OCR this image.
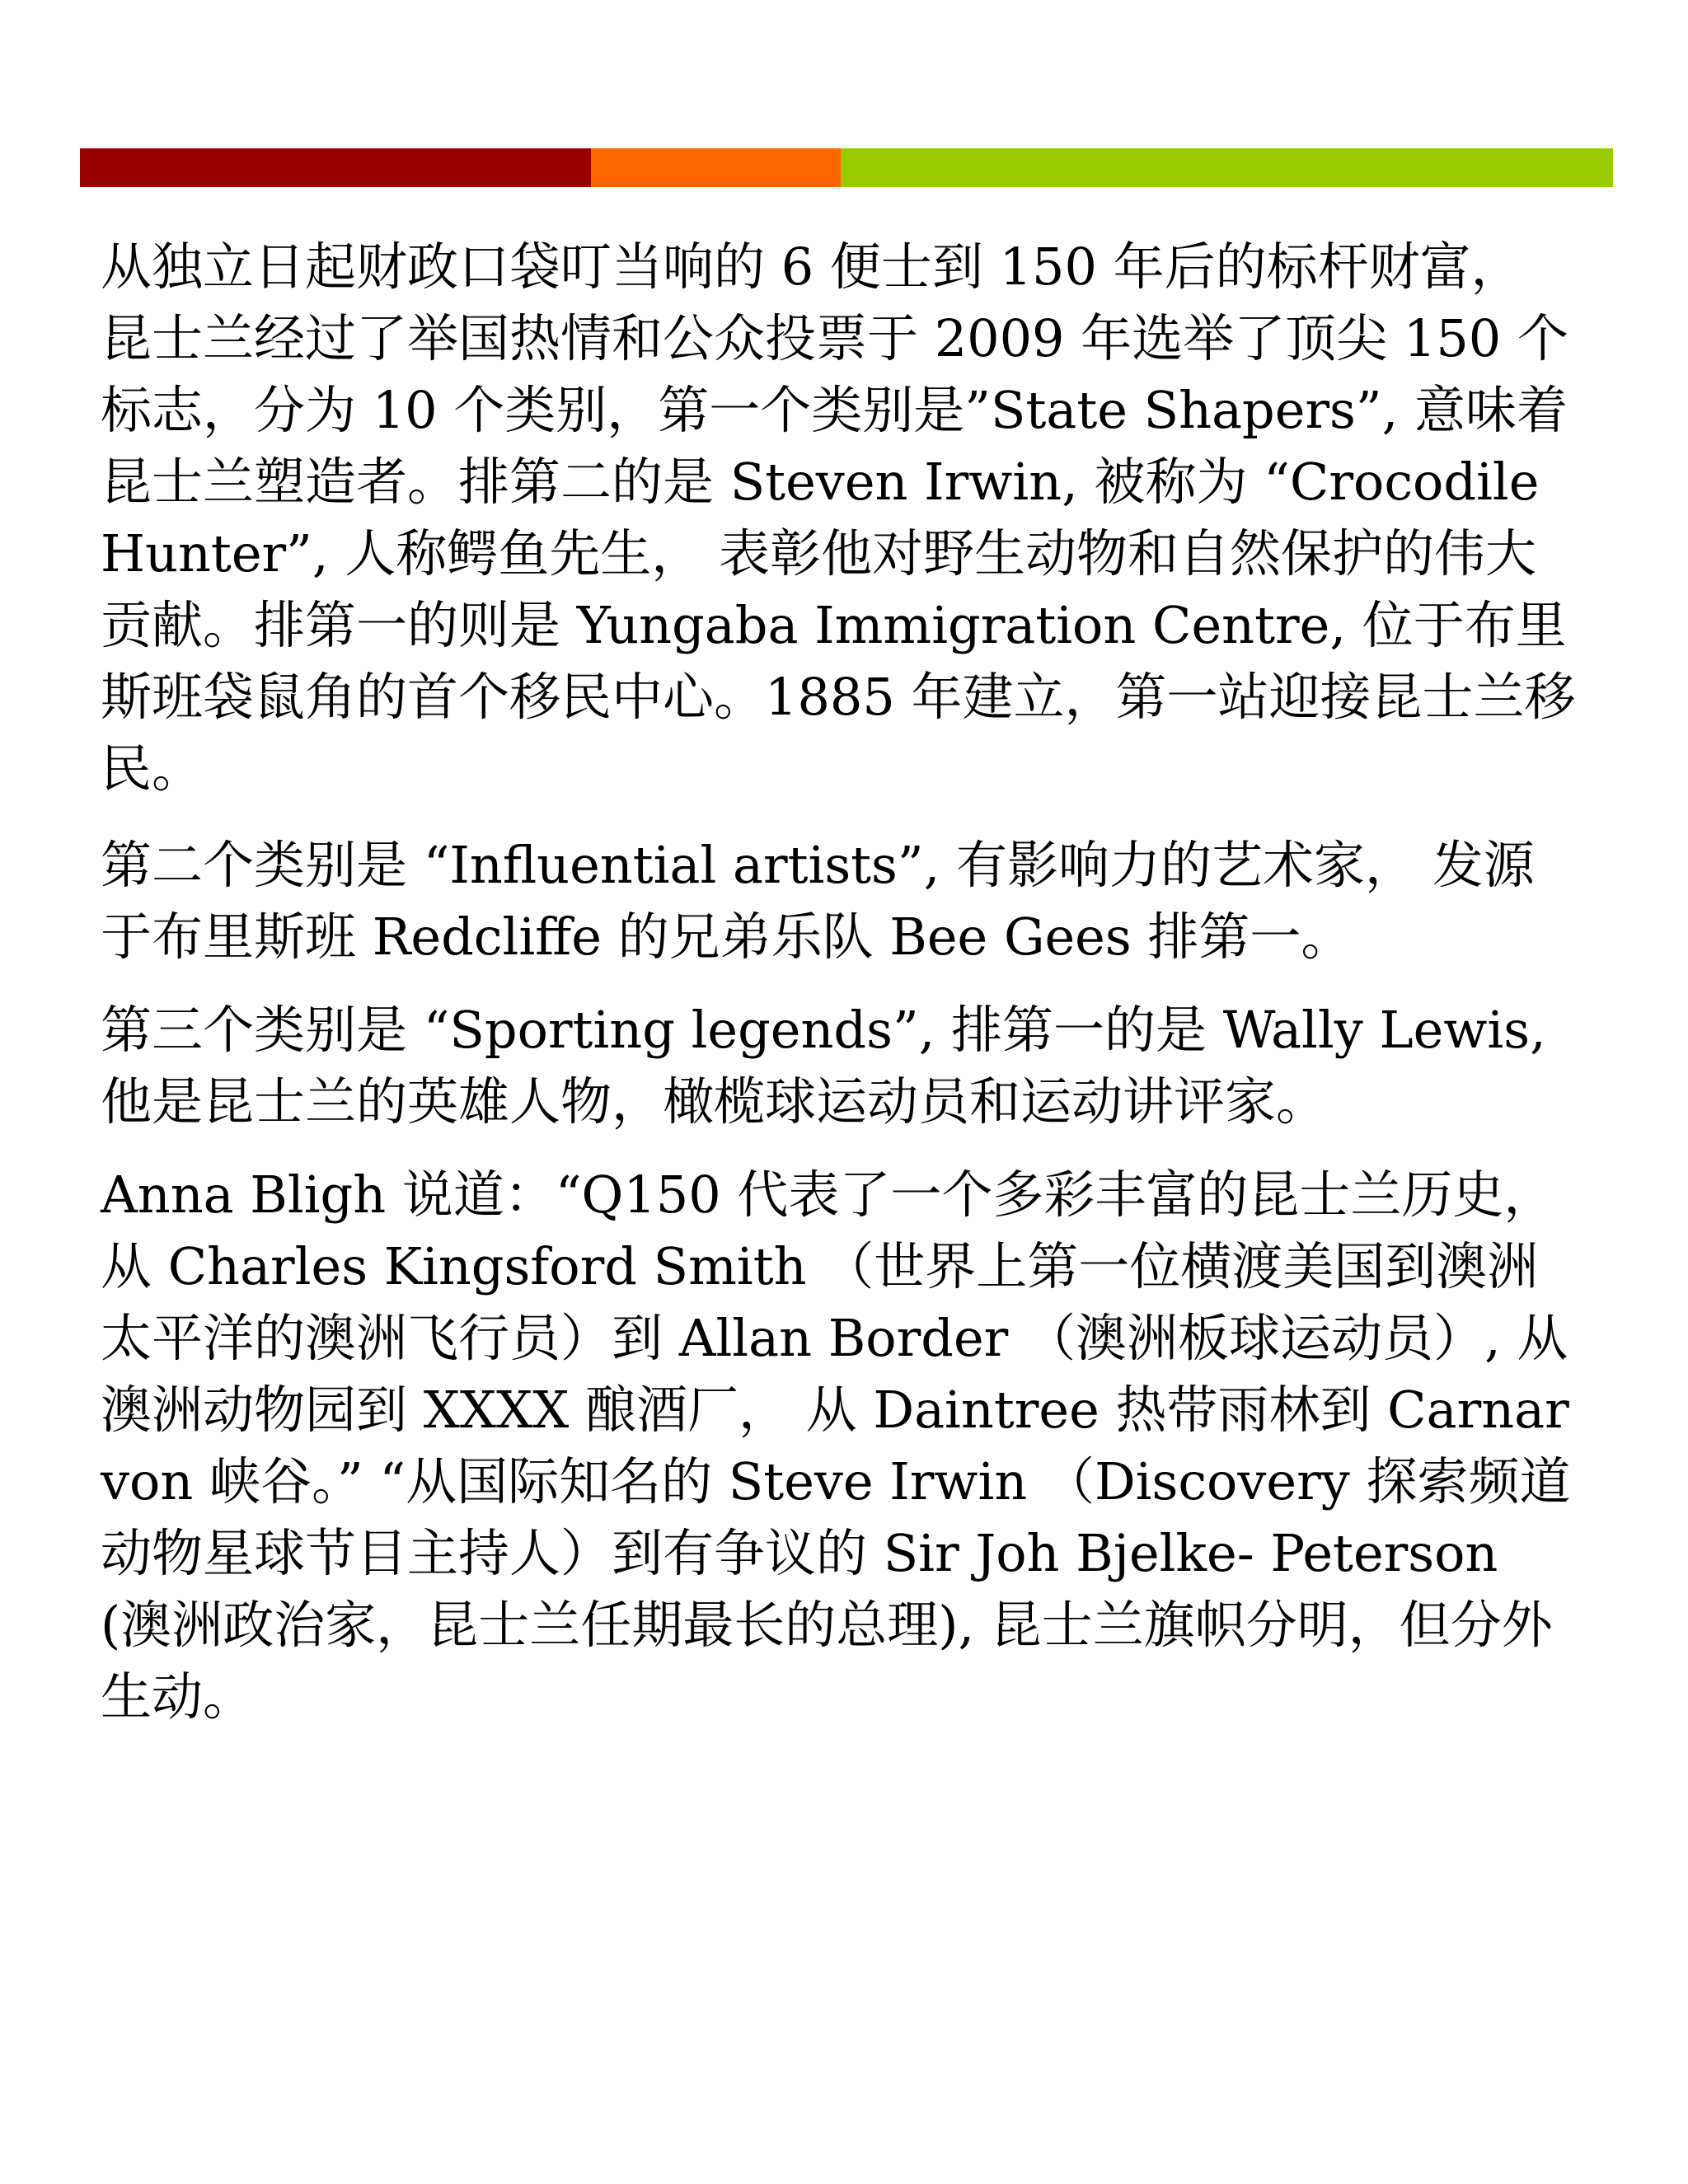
从独立日起财政口袋叮当响的 6 便士到 150 年后的标杆财富， 昆士兰经过了举国热情和公众投票于 2009 年选举了顶尖 150 个标志，分为 10 个类别，第一个类别是”State Shapers”, 意味着昆士兰塑造者。排第二的是 Steven Irwin, 被称为 “Crocodile Hunter”, 人称鳄鱼先生， 表彰他对野生动物和自然保护的伟大贡献。排第一的则是 Yungaba Immigration Centre, 位于布里斯班袋鼠角的首个移民中心。1885 年建立，第一站迎接昆士兰移民。

第二个类别是 “Influential artists”, 有影响力的艺术家， 发源于布里斯班 Redcliffe 的兄弟乐队 Bee Gees 排第一。

第三个类别是 “Sporting legends”, 排第一的是 Wally Lewis, 他是昆士兰的英雄人物，橄榄球运动员和运动讲评家。

Anna Bligh 说道：“Q150 代表了一个多彩丰富的昆士兰历史，从 Charles Kingsford Smith （世界上第一位横渡美国到澳洲太平洋的澳洲飞行员）到 Allan Border （澳洲板球运动员）, 从澳洲动物园到 XXXX 酿酒厂， 从 Daintree 热带雨林到 Carnarvon 峡谷。” “从国际知名的 Steve Irwin （Discovery 探索频道动物星球节目主持人）到有争议的 Sir Joh Bjelke- Peterson (澳洲政治家，昆士兰任期最长的总理), 昆士兰旗帜分明，但分外生动。
